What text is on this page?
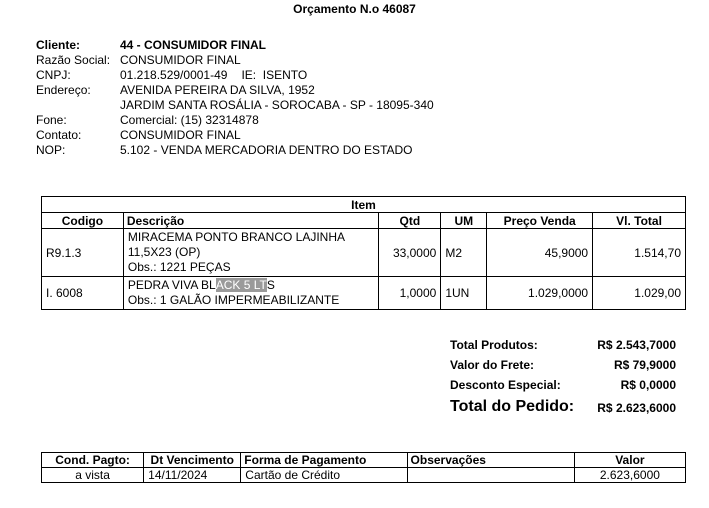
Orçamento N.o 46087
Cliente:	44 - CONSUMIDOR FINAL
Razão Social: CONSUMIDOR FINAL
CNPJ:	01.218.529/0001-49 IE: ISENTO
Endereço: AVENIDA PEREIRA DA SILVA, 1952
JARDIM SANTA ROSÁLIA - SOROCABA - SP - 18095-340
Fone:	Comercial: (15) 32314878
Contato:	CONSUMIDOR FINAL
NOP:	5.102 - VENDA MERCADORIA DENTRO DO ESTADO
Item					
Codigo	Descrição	Qtd	UM	Preço Venda	Vl. Total
R9.1.3	MIRACEMA PONTO BRANCO LAJINHA
11,5X23 (OP)
Obs.: 1221 PEÇAS	33,0000	M2	45,9000	1.514,70
I. 6008	PEDRA VIVA BLACK 5 LTS
Obs.: 1 GALÃO IMPERMEABILIZANTE	1,0000	1UN	1.029,0000	1.029,00
Total Produtos:	R$ 2.543,7000
Valor do Frete:	R$ 79,9000
Desconto Especial:	R$ 0,0000
Total do Pedido: R$ 2.623,6000
Cond. Pagto:	Dt Vencimento	Forma de Pagamento	Observações	Valor
a vista	14/11/2024	Cartão de Crédito		2.623,6000
